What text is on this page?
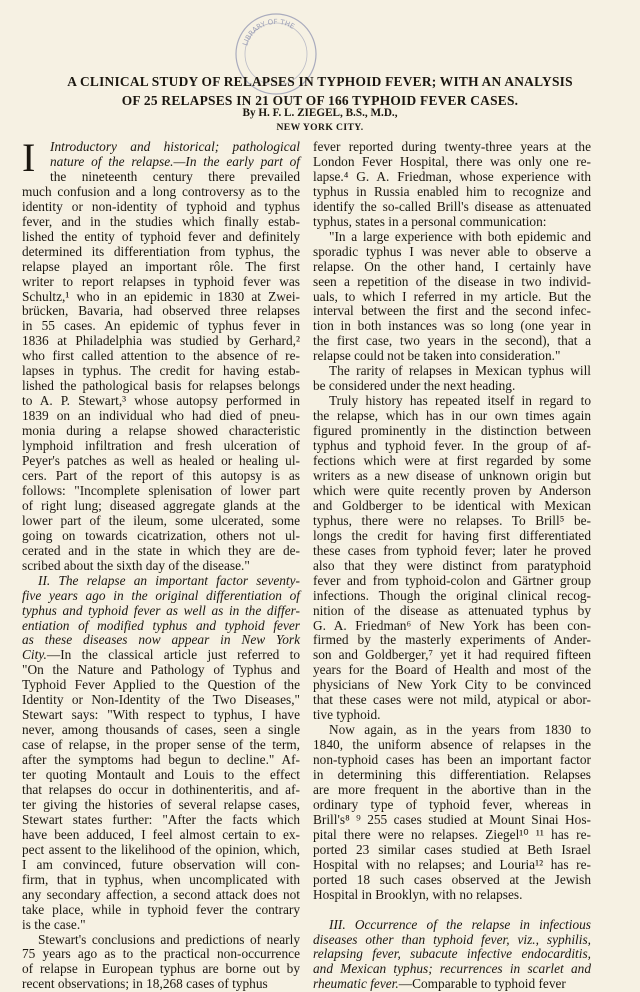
LIBRARY OF THE
A CLINICAL STUDY OF RELAPSES IN TYPHOID FEVER; WITH AN ANALYSIS
OF 25 RELAPSES IN 21 OUT OF 166 TYPHOID FEVER CASES.
By H. F. L. ZIEGEL, B.S., M.D.,
NEW YORK CITY.
I	Introductory and historical; pathological

nature of the relapse.—In the early part of

the nineteenth century there prevailed

much confusion and a long controversy as to the

identity or non-identity of typhoid and typhus

fever, and in the studies which finally estab-

lished the entity of typhoid fever and definitely

determined its differentiation from typhus, the

relapse played an important rôle. The first

writer to report relapses in typhoid fever was

Schultz,¹ who in an epidemic in 1830 at Zwei-

brücken, Bavaria, had observed three relapses

in 55 cases. An epidemic of typhus fever in

1836 at Philadelphia was studied by Gerhard,²

who first called attention to the absence of re-

lapses in typhus. The credit for having estab-

lished the pathological basis for relapses belongs

to A. P. Stewart,³ whose autopsy performed in

1839 on an individual who had died of pneu-

monia during a relapse showed characteristic

lymphoid infiltration and fresh ulceration of

Peyer's patches as well as healed or healing ul-

cers. Part of the report of this autopsy is as

follows: "Incomplete splenisation of lower part

of right lung; diseased aggregate glands at the

lower part of the ileum, some ulcerated, some

going on towards cicatrization, others not ul-

cerated and in the state in which they are de-

scribed about the sixth day of the disease."

II. The relapse an important factor seventy-

five years ago in the original differentiation of

typhus and typhoid fever as well as in the differ-

entiation of modified typhus and typhoid fever

as these diseases now appear in New York

City.—In the classical article just referred to

"On the Nature and Pathology of Typhus and

Typhoid Fever Applied to the Question of the

Identity or Non-Identity of the Two Diseases,"

Stewart says: "With respect to typhus, I have

never, among thousands of cases, seen a single

case of relapse, in the proper sense of the term,

after the symptoms had begun to decline." Af-

ter quoting Montault and Louis to the effect

that relapses do occur in dothinenteritis, and af-

ter giving the histories of several relapse cases,

Stewart states further: "After the facts which

have been adduced, I feel almost certain to ex-

pect assent to the likelihood of the opinion, which,

I am convinced, future observation will con-

firm, that in typhus, when uncomplicated with

any secondary affection, a second attack does not

take place, while in typhoid fever the contrary

is the case."

Stewart's conclusions and predictions of nearly

75 years ago as to the practical non-occurrence

of relapse in European typhus are borne out by

recent observations; in 18,268 cases of typhus

fever reported during twenty-three years at the

London Fever Hospital, there was only one re-

lapse.⁴ G. A. Friedman, whose experience with

typhus in Russia enabled him to recognize and

identify the so-called Brill's disease as attenuated

typhus, states in a personal communication:

"In a large experience with both epidemic and

sporadic typhus I was never able to observe a

relapse. On the other hand, I certainly have

seen a repetition of the disease in two individ-

uals, to which I referred in my article. But the

interval between the first and the second infec-

tion in both instances was so long (one year in

the first case, two years in the second), that a

relapse could not be taken into consideration."

The rarity of relapses in Mexican typhus will

be considered under the next heading.

Truly history has repeated itself in regard to

the relapse, which has in our own times again

figured prominently in the distinction between

typhus and typhoid fever. In the group of af-

fections which were at first regarded by some

writers as a new disease of unknown origin but

which were quite recently proven by Anderson

and Goldberger to be identical with Mexican

typhus, there were no relapses. To Brill⁵ be-

longs the credit for having first differentiated

these cases from typhoid fever; later he proved

also that they were distinct from paratyphoid

fever and from typhoid-colon and Gärtner group

infections. Though the original clinical recog-

nition of the disease as attenuated typhus by

G. A. Friedman⁶ of New York has been con-

firmed by the masterly experiments of Ander-

son and Goldberger,⁷ yet it had required fifteen

years for the Board of Health and most of the

physicians of New York City to be convinced

that these cases were not mild, atypical or abor-

tive typhoid.

Now again, as in the years from 1830 to

1840, the uniform absence of relapses in the

non-typhoid cases has been an important factor

in determining this differentiation. Relapses

are more frequent in the abortive than in the

ordinary type of typhoid fever, whereas in

Brill's⁸ ⁹ 255 cases studied at Mount Sinai Hos-

pital there were no relapses. Ziegel¹⁰ ¹¹ has re-

ported 23 similar cases studied at Beth Israel

Hospital with no relapses; and Louria¹² has re-

ported 18 such cases observed at the Jewish

Hospital in Brooklyn, with no relapses.

III. Occurrence of the relapse in infectious

diseases other than typhoid fever, viz., syphilis,

relapsing fever, subacute infective endocarditis,

and Mexican typhus; recurrences in scarlet and

rheumatic fever.—Comparable to typhoid fever
